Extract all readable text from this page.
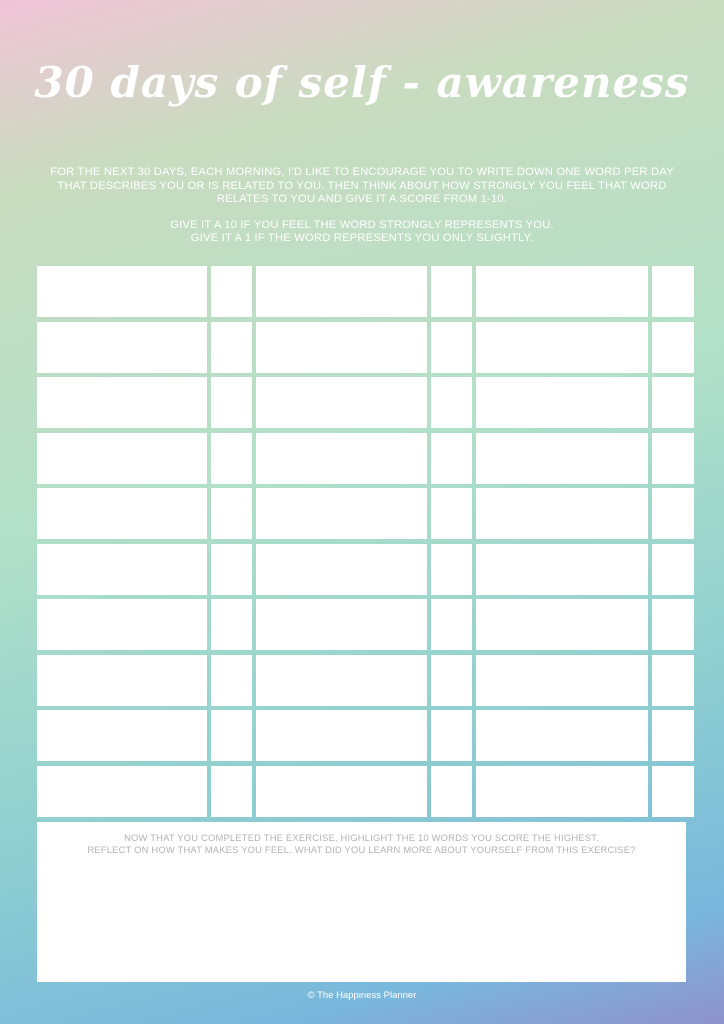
30 days of self - awareness

FOR THE NEXT 30 DAYS, EACH MORNING, I'D LIKE TO ENCOURAGE YOU TO WRITE DOWN ONE WORD PER DAY

THAT DESCRIBES YOU OR IS RELATED TO YOU. THEN THINK ABOUT HOW STRONGLY YOU FEEL THAT WORD

RELATES TO YOU AND GIVE IT A SCORE FROM 1-10.

GIVE IT A 10 IF YOU FEEL THE WORD STRONGLY REPRESENTS YOU.

GIVE IT A 1 IF THE WORD REPRESENTS YOU ONLY SLIGHTLY.

NOW THAT YOU COMPLETED THE EXERCISE, HIGHLIGHT THE 10 WORDS YOU SCORE THE HIGHEST.

REFLECT ON HOW THAT MAKES YOU FEEL. WHAT DID YOU LEARN MORE ABOUT YOURSELF FROM THIS EXERCISE?

© The Happiness Planner
